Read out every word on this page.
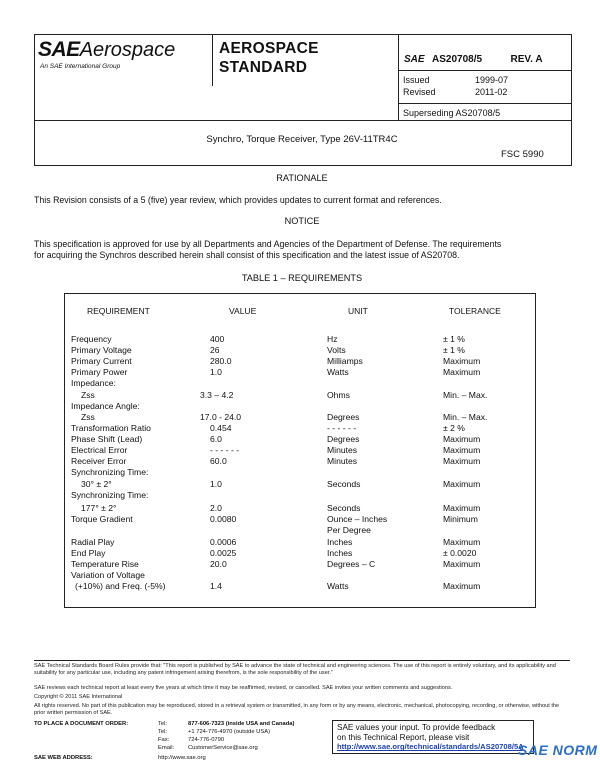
SAEAerospace
An SAE International Group
AEROSPACE
STANDARD	SAE AS20708/5	REV. A
Issued	1999-07
Revised	2011-02
Superseding AS20708/5
Synchro, Torque Receiver, Type 26V-11TR4C
FSC 5990
RATIONALE
This Revision consists of a 5 (five) year review, which provides updates to current format and references.
NOTICE
This specification is approved for use by all Departments and Agencies of the Department of Defense. The requirements
for acquiring the Synchros described herein shall consist of this specification and the latest issue of AS20708.
TABLE 1 – REQUIREMENTS
REQUIREMENT	VALUE	UNIT	TOLERANCE
Frequency	400	Hz	± 1 %
Primary Voltage	26	Volts	± 1 %
Primary Current	280.0	Milliamps	Maximum
Primary Power	1.0	Watts	Maximum
Impedance:
Zss	3.3 – 4.2	Ohms	Min. – Max.
Impedance Angle:
Zss	17.0 - 24.0	Degrees	Min. – Max.
Transformation Ratio	0.454	- - - - - -	± 2 %
Phase Shift (Lead)	6.0	Degrees	Maximum
Electrical Error	- - - - - -	Minutes	Maximum
Receiver Error	60.0	Minutes	Maximum
Synchronizing Time:
30° ± 2°	1.0	Seconds	Maximum
Synchronizing Time:
177° ± 2°	2.0	Seconds	Maximum
Torque Gradient	0.0080	Ounce – Inches	Minimum
Per Degree
Radial Play	0.0006	Inches	Maximum
End Play	0.0025	Inches	± 0.0020
Temperature Rise	20.0	Degrees – C	Maximum
Variation of Voltage
(+10%) and Freq. (-5%)	1.4	Watts	Maximum
SAE Technical Standards Board Rules provide that: "This report is published by SAE to advance the state of technical and engineering sciences. The use of this report is entirely voluntary, and its applicability and suitability for any particular use, including any patent infringement arising therefrom, is the sole responsibility of the user."
SAE reviews each technical report at least every five years at which time it may be reaffirmed, revised, or cancelled. SAE invites your written comments and suggestions.
Copyright © 2011 SAE International
All rights reserved. No part of this publication may be reproduced, stored in a retrieval system or transmitted, in any form or by any means, electronic, mechanical, photocopying, recording, or otherwise, without the prior written permission of SAE.
TO PLACE A DOCUMENT ORDER:	Tel:	877-606-7323 (inside USA and Canada)
Tel:	+1 724-776-4970 (outside USA)
Fax:	724-776-0790
Email: CustomerService@sae.org
SAE WEB ADDRESS:	http://www.sae.org
SAE values your input. To provide feedback
on this Technical Report, please visit
http://www.sae.org/technical/standards/AS20708/5A
SAE NORM
